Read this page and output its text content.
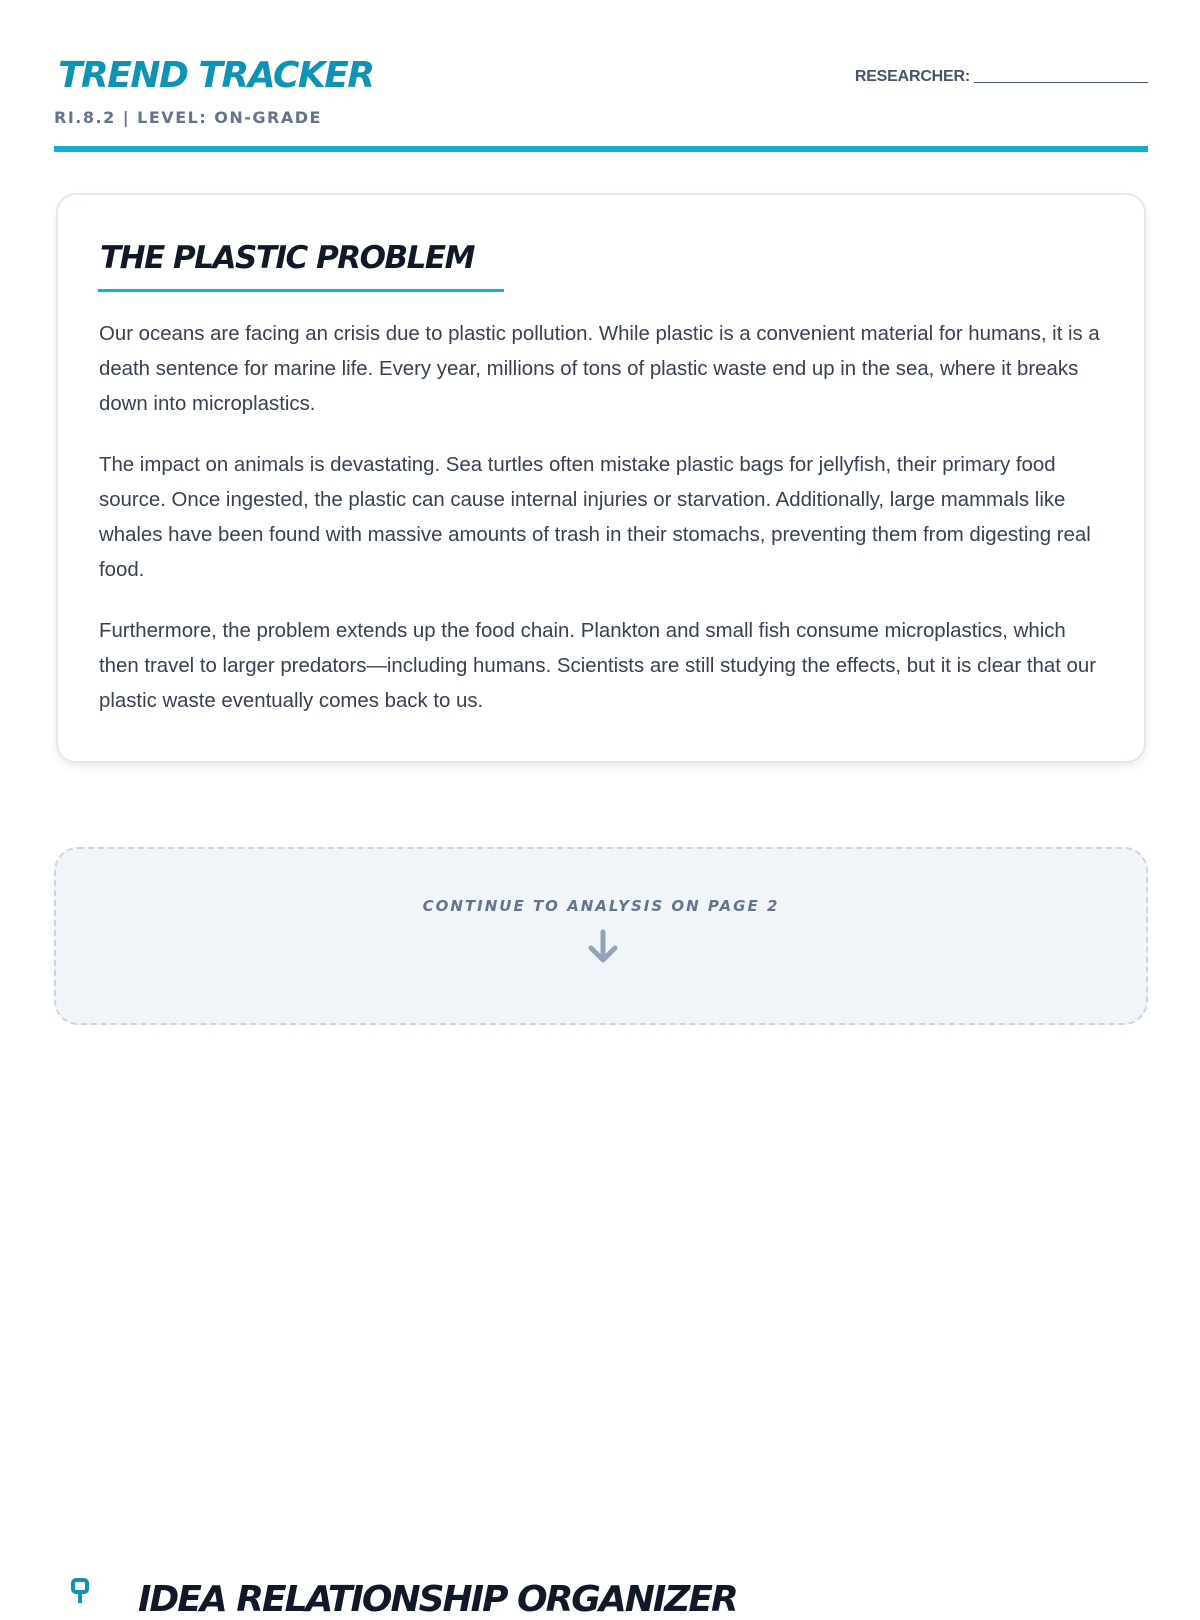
TREND TRACKER
RI.8.2 | LEVEL: ON-GRADE
RESEARCHER:
THE PLASTIC PROBLEM

Our oceans are facing an crisis due to plastic pollution. While plastic is a convenient material for humans, it is a death sentence for marine life. Every year, millions of tons of plastic waste end up in the sea, where it breaks down into microplastics.

The impact on animals is devastating. Sea turtles often mistake plastic bags for jellyfish, their primary food source. Once ingested, the plastic can cause internal injuries or starvation. Additionally, large mammals like whales have been found with massive amounts of trash in their stomachs, preventing them from digesting real food.

Furthermore, the problem extends up the food chain. Plankton and small fish consume microplastics, which then travel to larger predators—including humans. Scientists are still studying the effects, but it is clear that our plastic waste eventually comes back to us.

CONTINUE TO ANALYSIS ON PAGE 2
IDEA RELATIONSHIP ORGANIZER
